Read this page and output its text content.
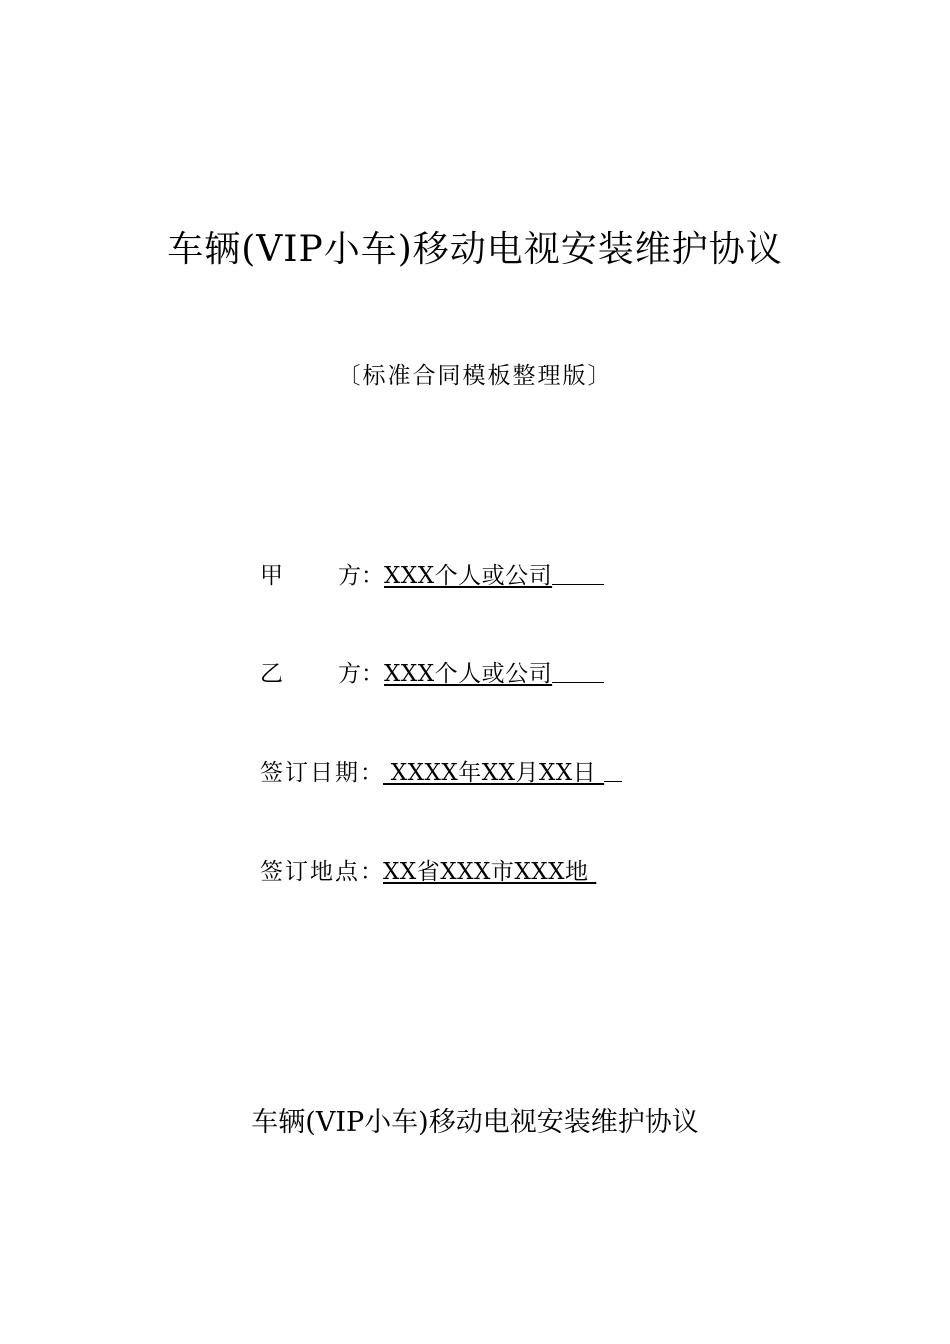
车辆(VIP小车)移动电视安装维护协议
〔标准合同模板整理版〕
甲 方：XXX个人或公司
乙 方：XXX个人或公司
签订日期： XXXX年XX月XX日
签订地点：XX省XXX市XXX地
车辆(VIP小车)移动电视安装维护协议
